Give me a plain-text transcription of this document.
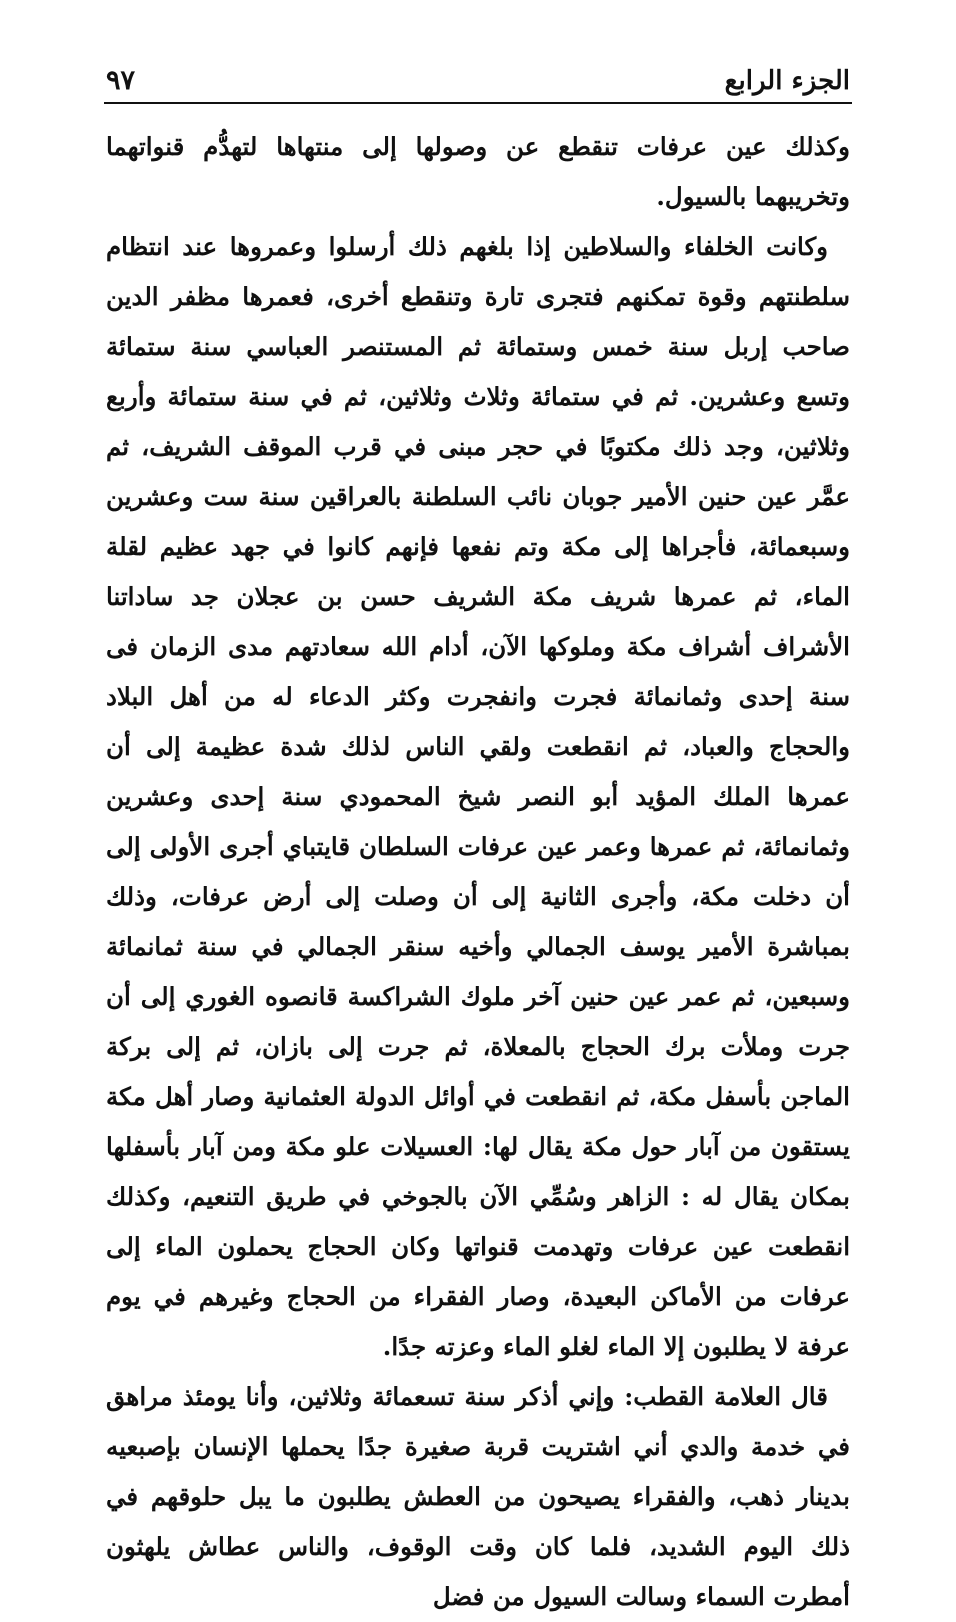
الجزء الرابع
٩٧

وكذلك عين عرفات تنقطع عن وصولها إلى منتهاها لتهدُّم قنواتهما وتخريبهما بالسيول.

وكانت الخلفاء والسلاطين إذا بلغهم ذلك أرسلوا وعمروها عند انتظام سلطنتهم وقوة تمكنهم فتجرى تارة وتنقطع أخرى، فعمرها مظفر الدين صاحب إربل سنة خمس وستمائة ثم المستنصر العباسي سنة ستمائة وتسع وعشرين. ثم في ستمائة وثلاث وثلاثين، ثم في سنة ستمائة وأربع وثلاثين، وجد ذلك مكتوبًا في حجر مبنى في قرب الموقف الشريف، ثم عمَّر عين حنين الأمير جوبان نائب السلطنة بالعراقين سنة ست وعشرين وسبعمائة، فأجراها إلى مكة وتم نفعها فإنهم كانوا في جهد عظيم لقلة الماء، ثم عمرها شريف مكة الشريف حسن بن عجلان جد ساداتنا الأشراف أشراف مكة وملوكها الآن، أدام الله سعادتهم مدى الزمان فى سنة إحدى وثمانمائة فجرت وانفجرت وكثر الدعاء له من أهل البلاد والحجاج والعباد، ثم انقطعت ولقي الناس لذلك شدة عظيمة إلى أن عمرها الملك المؤيد أبو النصر شيخ المحمودي سنة إحدى وعشرين وثمانمائة، ثم عمرها وعمر عين عرفات السلطان قايتباي أجرى الأولى إلى أن دخلت مكة، وأجرى الثانية إلى أن وصلت إلى أرض عرفات، وذلك بمباشرة الأمير يوسف الجمالي وأخيه سنقر الجمالي في سنة ثمانمائة وسبعين، ثم عمر عين حنين آخر ملوك الشراكسة قانصوه الغوري إلى أن جرت وملأت برك الحجاج بالمعلاة، ثم جرت إلى بازان، ثم إلى بركة الماجن بأسفل مكة، ثم انقطعت في أوائل الدولة العثمانية وصار أهل مكة يستقون من آبار حول مكة يقال لها: العسيلات علو مكة ومن آبار بأسفلها بمكان يقال له : الزاهر وسُمِّي الآن بالجوخي في طريق التنعيم، وكذلك انقطعت عين عرفات وتهدمت قنواتها وكان الحجاج يحملون الماء إلى عرفات من الأماكن البعيدة، وصار الفقراء من الحجاج وغيرهم في يوم عرفة لا يطلبون إلا الماء لغلو الماء وعزته جدًا.

قال العلامة القطب: وإني أذكر سنة تسعمائة وثلاثين، وأنا يومئذ مراهق في خدمة والدي أني اشتريت قربة صغيرة جدًا يحملها الإنسان بإصبعيه بدينار ذهب، والفقراء يصيحون من العطش يطلبون ما يبل حلوقهم في ذلك اليوم الشديد، فلما كان وقت الوقوف، والناس عطاش يلهثون أمطرت السماء وسالت السيول من فضل
